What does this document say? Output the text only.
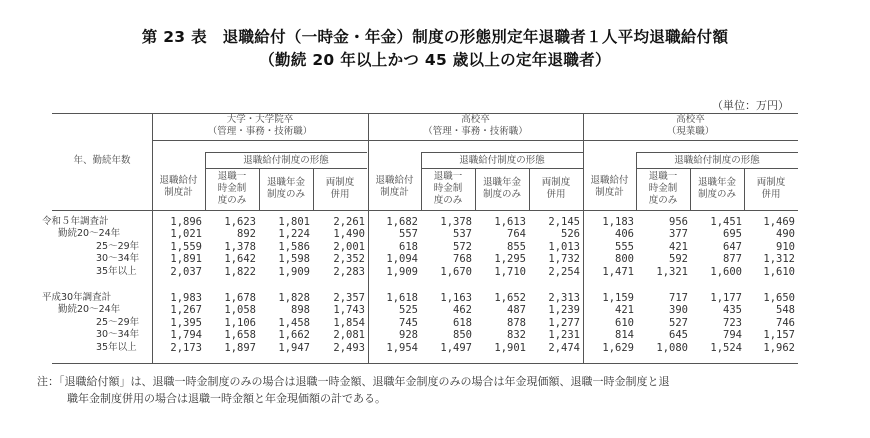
第 23 表　退職給付（一時金・年金）制度の形態別定年退職者１人平均退職給付額
（勤続 20 年以上かつ 45 歳以上の定年退職者）
（単位：万円）
年、勤続年数
大学・大学院卒
（管理・事務・技術職）
退職給付
制度計
退職給付制度の形態
退職一
時金制
度のみ
退職年金
制度のみ
両制度
併用
高校卒
（管理・事務・技術職）
退職給付
制度計
退職給付制度の形態
退職一
時金制
度のみ
退職年金
制度のみ
両制度
併用
高校卒
（現業職）
退職給付
制度計
退職給付制度の形態
退職一
時金制
度のみ
退職年金
制度のみ
両制度
併用
令和５年調査計	1,896	1,623	1,801	2,261	1,682	1,378	1,613	2,145	1,183	956	1,451	1,469
勤続20～24年	1,021	892	1,224	1,490	557	537	764	526	406	377	695	490
25～29年	1,559	1,378	1,586	2,001	618	572	855	1,013	555	421	647	910
30～34年	1,891	1,642	1,598	2,352	1,094	768	1,295	1,732	800	592	877	1,312
35年以上	2,037	1,822	1,909	2,283	1,909	1,670	1,710	2,254	1,471	1,321	1,600	1,610
平成30年調査計	1,983	1,678	1,828	2,357	1,618	1,163	1,652	2,313	1,159	717	1,177	1,650
勤続20～24年	1,267	1,058	898	1,743	525	462	487	1,239	421	390	435	548
25～29年	1,395	1,106	1,458	1,854	745	618	878	1,277	610	527	723	746
30～34年	1,794	1,658	1,662	2,081	928	850	832	1,231	814	645	794	1,157
35年以上	2,173	1,897	1,947	2,493	1,954	1,497	1,901	2,474	1,629	1,080	1,524	1,962
注：「退職給付額」は、退職一時金制度のみの場合は退職一時金額、退職年金制度のみの場合は年金現価額、退職一時金制度と退
職年金制度併用の場合は退職一時金額と年金現価額の計である。
